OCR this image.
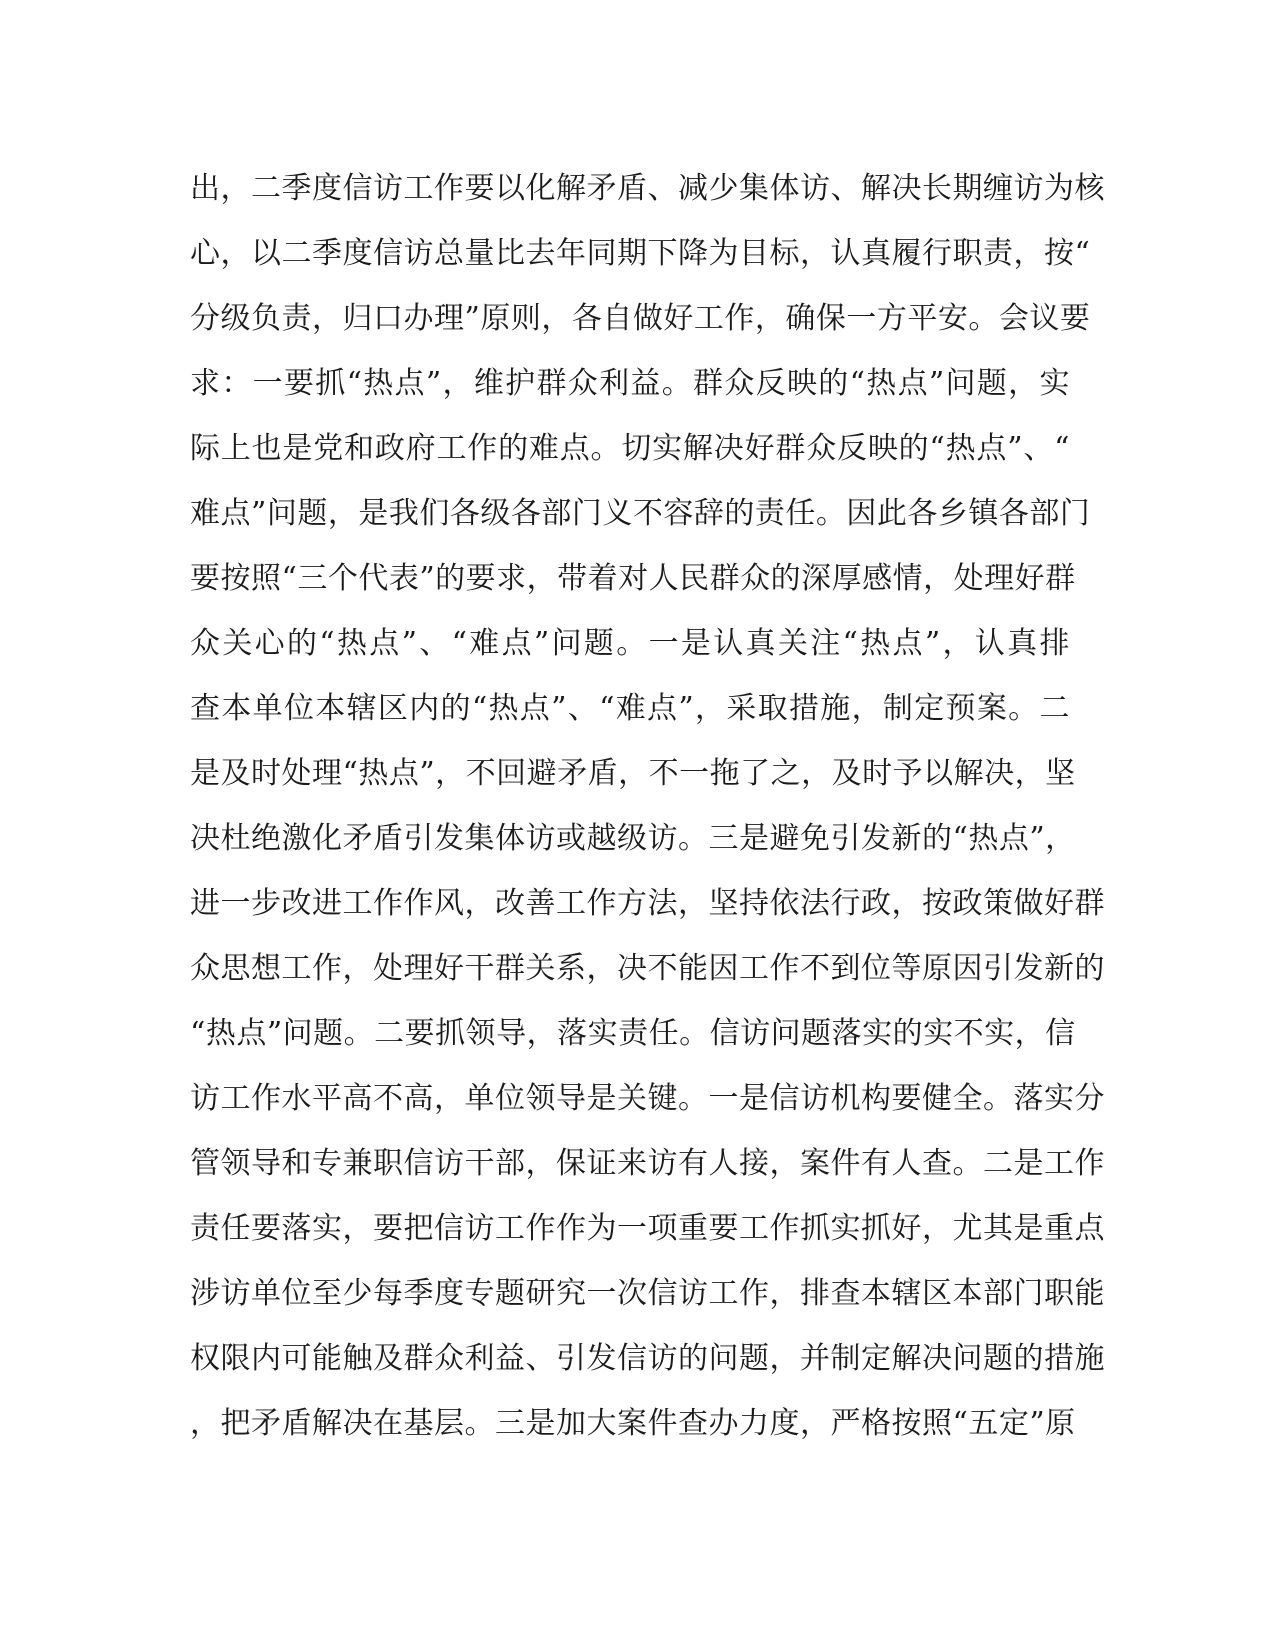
出，二季度信访工作要以化解矛盾、减少集体访、解决长期缠访为核
心，以二季度信访总量比去年同期下降为目标，认真履行职责，按“
分级负责，归口办理”原则，各自做好工作，确保一方平安。会议要
求：一要抓“热点”，维护群众利益。群众反映的“热点”问题，实
际上也是党和政府工作的难点。切实解决好群众反映的“热点”、“
难点”问题，是我们各级各部门义不容辞的责任。因此各乡镇各部门
要按照“三个代表”的要求，带着对人民群众的深厚感情，处理好群
众关心的“热点”、“难点”问题。一是认真关注“热点”，认真排
查本单位本辖区内的“热点”、“难点”，采取措施，制定预案。二
是及时处理“热点”，不回避矛盾，不一拖了之，及时予以解决，坚
决杜绝激化矛盾引发集体访或越级访。三是避免引发新的“热点”，
进一步改进工作作风，改善工作方法，坚持依法行政，按政策做好群
众思想工作，处理好干群关系，决不能因工作不到位等原因引发新的
“热点”问题。二要抓领导，落实责任。信访问题落实的实不实，信
访工作水平高不高，单位领导是关键。一是信访机构要健全。落实分
管领导和专兼职信访干部，保证来访有人接，案件有人查。二是工作
责任要落实，要把信访工作作为一项重要工作抓实抓好，尤其是重点
涉访单位至少每季度专题研究一次信访工作，排查本辖区本部门职能
权限内可能触及群众利益、引发信访的问题，并制定解决问题的措施
，把矛盾解决在基层。三是加大案件查办力度，严格按照“五定”原
